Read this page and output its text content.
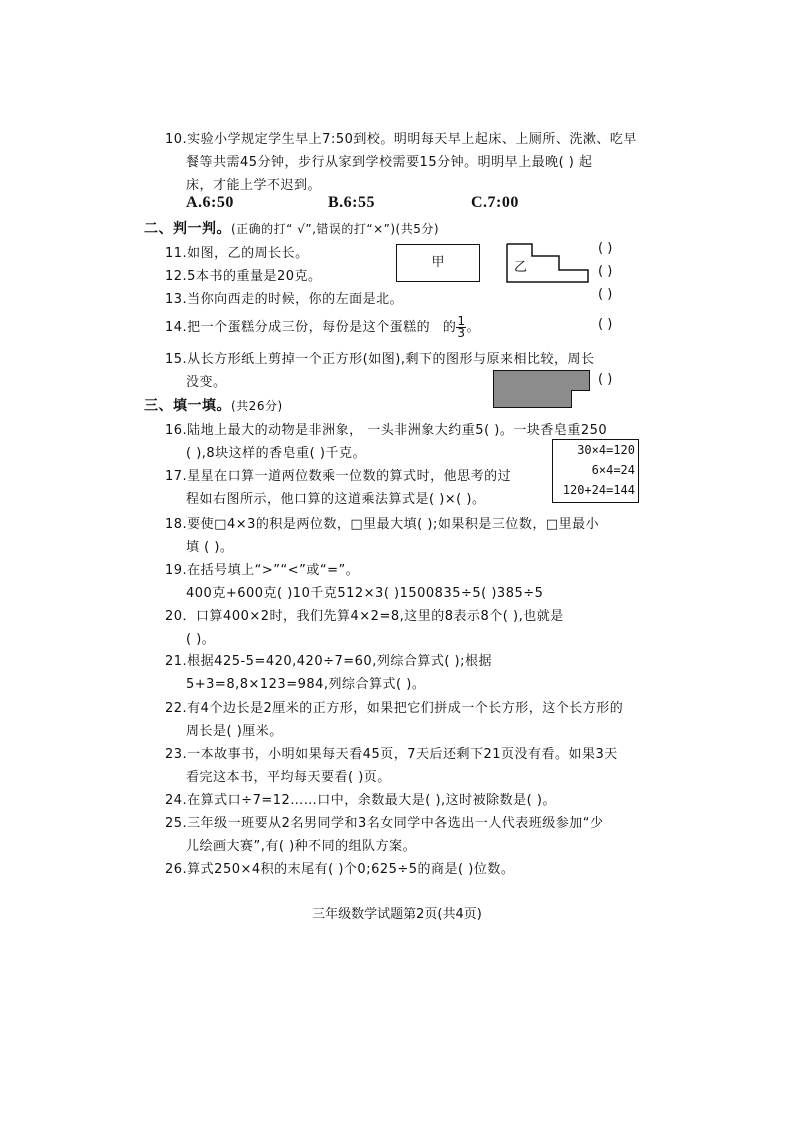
10.实验小学规定学生早上7:50到校。明明每天早上起床、上厕所、洗漱、吃早
餐等共需45分钟，步行从家到学校需要15分钟。明明早上最晚( ) 起
床，才能上学不迟到。
A.6:50	B.6:55	C.7:00
二、判一判。(正确的打“ √”,错误的打“×”)(共5分)
11.如图，乙的周长长。	( )
12.5本书的重量是20克。	( )
甲	乙
13.当你向西走的时候，你的左面是北。	( )
14.把一个蛋糕分成三份，每份是这个蛋糕的 的 $\frac{1}{3}$ 。	( )
15.从长方形纸上剪掉一个正方形(如图),剩下的图形与原来相比较，周长
没变。	( )
三、填一填。(共26分)
16.陆地上最大的动物是非洲象， 一头非洲象大约重5( )。一块香皂重250
( ),8块这样的香皂重( )千克。
17.星星在口算一道两位数乘一位数的算式时，他思考的过
程如右图所示，他口算的这道乘法算式是( )×( )。
30×4=120
6×4=24
120+24=144
18.要使□4×3的积是两位数，□里最大填( );如果积是三位数，□里最小
填 ( )。
19.在括号填上“>”“<”或“=”。
400克+600克( )10千克512×3( )1500835÷5( )385÷5
20．口算400×2时，我们先算4×2=8,这里的8表示8个( ),也就是
( )。
21.根据425-5=420,420÷7=60,列综合算式( );根据
5+3=8,8×123=984,列综合算式( )。
22.有4个边长是2厘米的正方形，如果把它们拼成一个长方形，这个长方形的
周长是( )厘米。
23.一本故事书，小明如果每天看45页，7天后还剩下21页没有看。如果3天
看完这本书，平均每天要看( )页。
24.在算式口÷7=12……口中，余数最大是( ),这时被除数是( )。
25.三年级一班要从2名男同学和3名女同学中各选出一人代表班级参加“少
儿绘画大赛”,有( )种不同的组队方案。
26.算式250×4积的末尾有( )个0;625÷5的商是( )位数。
三年级数学试题第2页(共4页)
